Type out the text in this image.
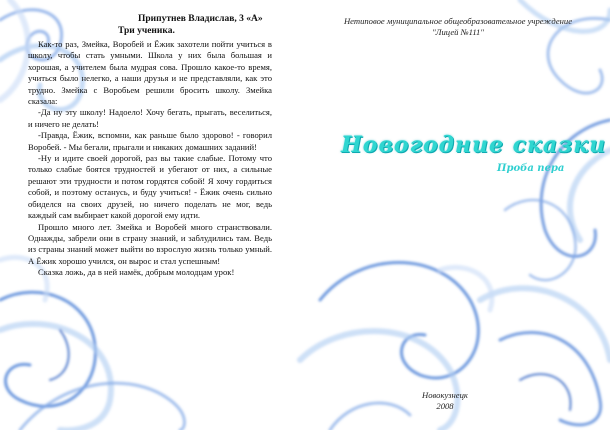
Припутнев Владислав, 3 «А»
Три ученика.

Как-то раз, Змейка, Воробей и Ёжик захотели пойти учиться в школу, чтобы стать умными. Школа у них была большая и хорошая, а учителем была мудрая сова. Прошло какое-то время, учиться было нелегко, а наши друзья и не представляли, как это трудно. Змейка с Воробьем решили бросить школу. Змейка сказала:

-Да ну эту школу! Надоело! Хочу бегать, прыгать, веселиться, и ничего не делать!

-Правда, Ёжик, вспомни, как раньше было здорово! - говорил Воробей. - Мы бегали, прыгали и никаких домашних заданий!

-Ну и идите своей дорогой, раз вы такие слабые. Потому что только слабые боятся трудностей и убегают от них, а сильные решают эти трудности и потом гордятся собой! Я хочу гордиться собой, и поэтому останусь, и буду учиться! - Ёжик очень сильно обиделся на своих друзей, но ничего поделать не мог, ведь каждый сам выбирает какой дорогой ему идти.

Прошло много лет. Змейка и Воробей много странствовали. Однажды, забрели они в страну знаний, и заблудились там. Ведь из страны знаний может выйти во взрослую жизнь только умный. А Ёжик хорошо учился, он вырос и стал успешным!

Сказка ложь, да в ней намёк, добрым молодцам урок!

Нетиповое муниципальное общеобразовательное учреждение
"Лицей №111"
Новогодние сказки
Проба пера
Новокузнецк
2008
